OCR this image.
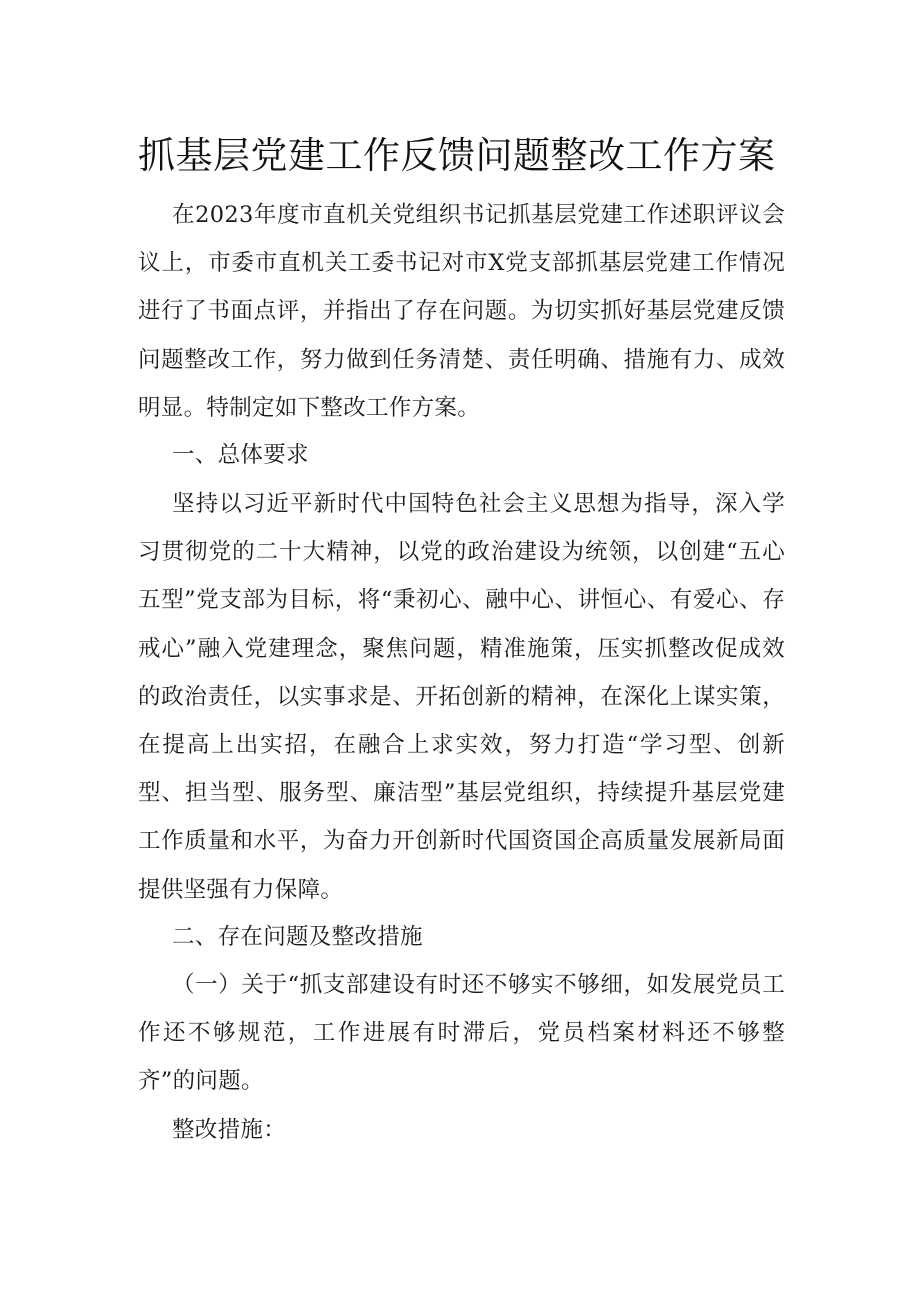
抓基层党建工作反馈问题整改工作方案
在2023年度市直机关党组织书记抓基层党建工作述职评议会议上，市委市直机关工委书记对市X党支部抓基层党建工作情况进行了书面点评，并指出了存在问题。为切实抓好基层党建反馈问题整改工作，努力做到任务清楚、责任明确、措施有力、成效明显。特制定如下整改工作方案。
一、总体要求
坚持以习近平新时代中国特色社会主义思想为指导，深入学习贯彻党的二十大精神，以党的政治建设为统领，以创建“五心五型”党支部为目标，将“秉初心、融中心、讲恒心、有爱心、存戒心”融入党建理念，聚焦问题，精准施策，压实抓整改促成效的政治责任，以实事求是、开拓创新的精神，在深化上谋实策，在提高上出实招，在融合上求实效，努力打造“学习型、创新型、担当型、服务型、廉洁型”基层党组织，持续提升基层党建工作质量和水平，为奋力开创新时代国资国企高质量发展新局面提供坚强有力保障。
二、存在问题及整改措施
（一）关于“抓支部建设有时还不够实不够细，如发展党员工作还不够规范，工作进展有时滞后，党员档案材料还不够整齐”的问题。
整改措施：
